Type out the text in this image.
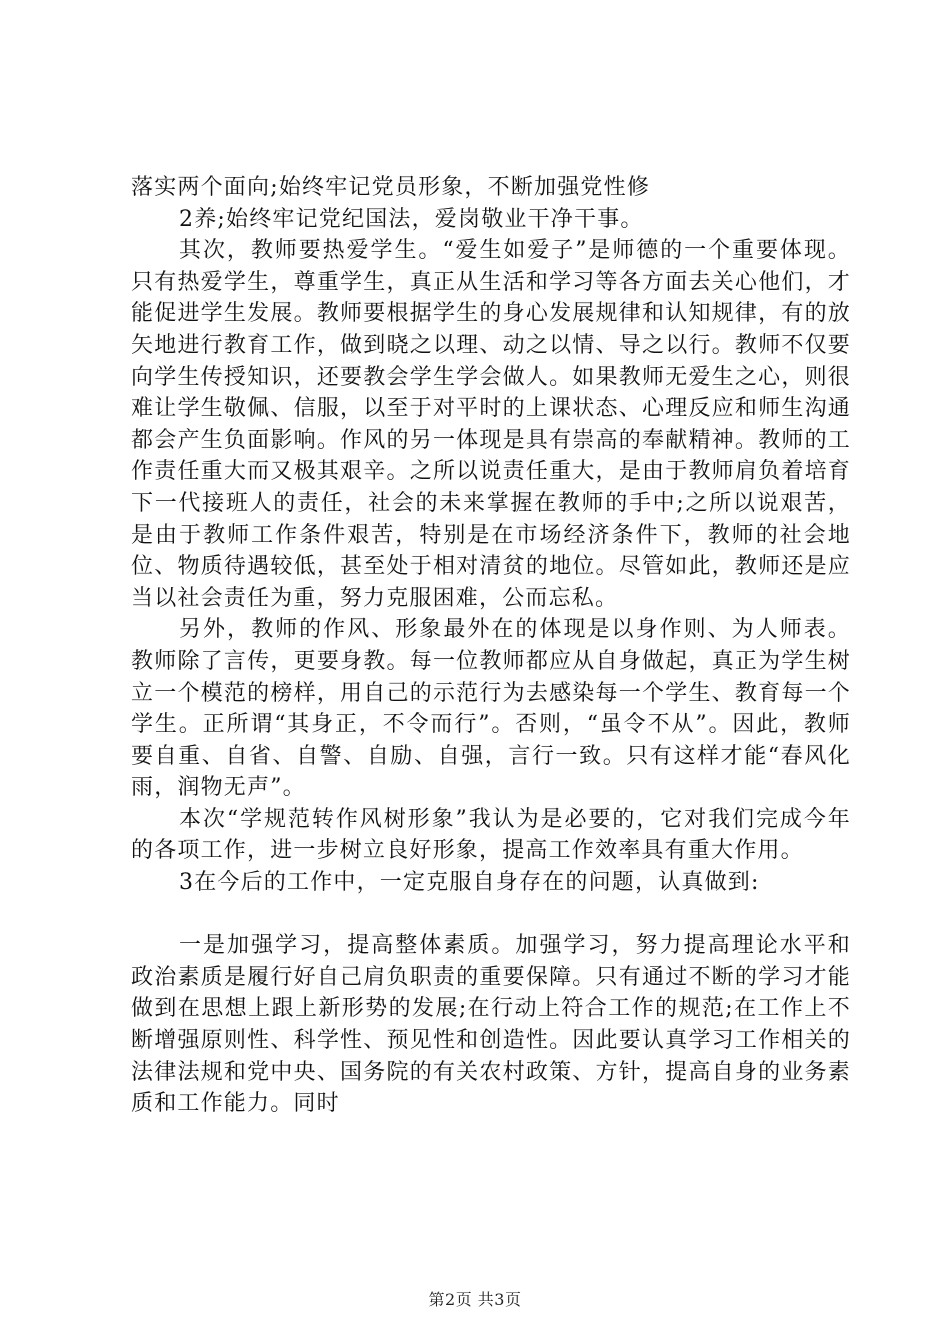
落实两个面向;始终牢记党员形象，不断加强党性修

2养;始终牢记党纪国法，爱岗敬业干净干事。

其次，教师要热爱学生。“爱生如爱子”是师德的一个重要体现。只有热爱学生，尊重学生，真正从生活和学习等各方面去关心他们，才能促进学生发展。教师要根据学生的身心发展规律和认知规律，有的放矢地进行教育工作，做到晓之以理、动之以情、导之以行。教师不仅要向学生传授知识，还要教会学生学会做人。如果教师无爱生之心，则很难让学生敬佩、信服，以至于对平时的上课状态、心理反应和师生沟通都会产生负面影响。作风的另一体现是具有崇高的奉献精神。教师的工作责任重大而又极其艰辛。之所以说责任重大，是由于教师肩负着培育下一代接班人的责任，社会的未来掌握在教师的手中;之所以说艰苦，是由于教师工作条件艰苦，特别是在市场经济条件下，教师的社会地位、物质待遇较低，甚至处于相对清贫的地位。尽管如此，教师还是应当以社会责任为重，努力克服困难，公而忘私。

另外，教师的作风、形象最外在的体现是以身作则、为人师表。教师除了言传，更要身教。每一位教师都应从自身做起，真正为学生树立一个模范的榜样，用自己的示范行为去感染每一个学生、教育每一个学生。正所谓“其身正，不令而行”。否则，“虽令不从”。因此，教师要自重、自省、自警、自励、自强，言行一致。只有这样才能“春风化雨，润物无声”。

本次“学规范转作风树形象”我认为是必要的，它对我们完成今年的各项工作，进一步树立良好形象，提高工作效率具有重大作用。

3在今后的工作中，一定克服自身存在的问题，认真做到:

一是加强学习，提高整体素质。加强学习，努力提高理论水平和政治素质是履行好自己肩负职责的重要保障。只有通过不断的学习才能做到在思想上跟上新形势的发展;在行动上符合工作的规范;在工作上不断增强原则性、科学性、预见性和创造性。因此要认真学习工作相关的法律法规和党中央、国务院的有关农村政策、方针，提高自身的业务素质和工作能力。同时

第2页 共3页
